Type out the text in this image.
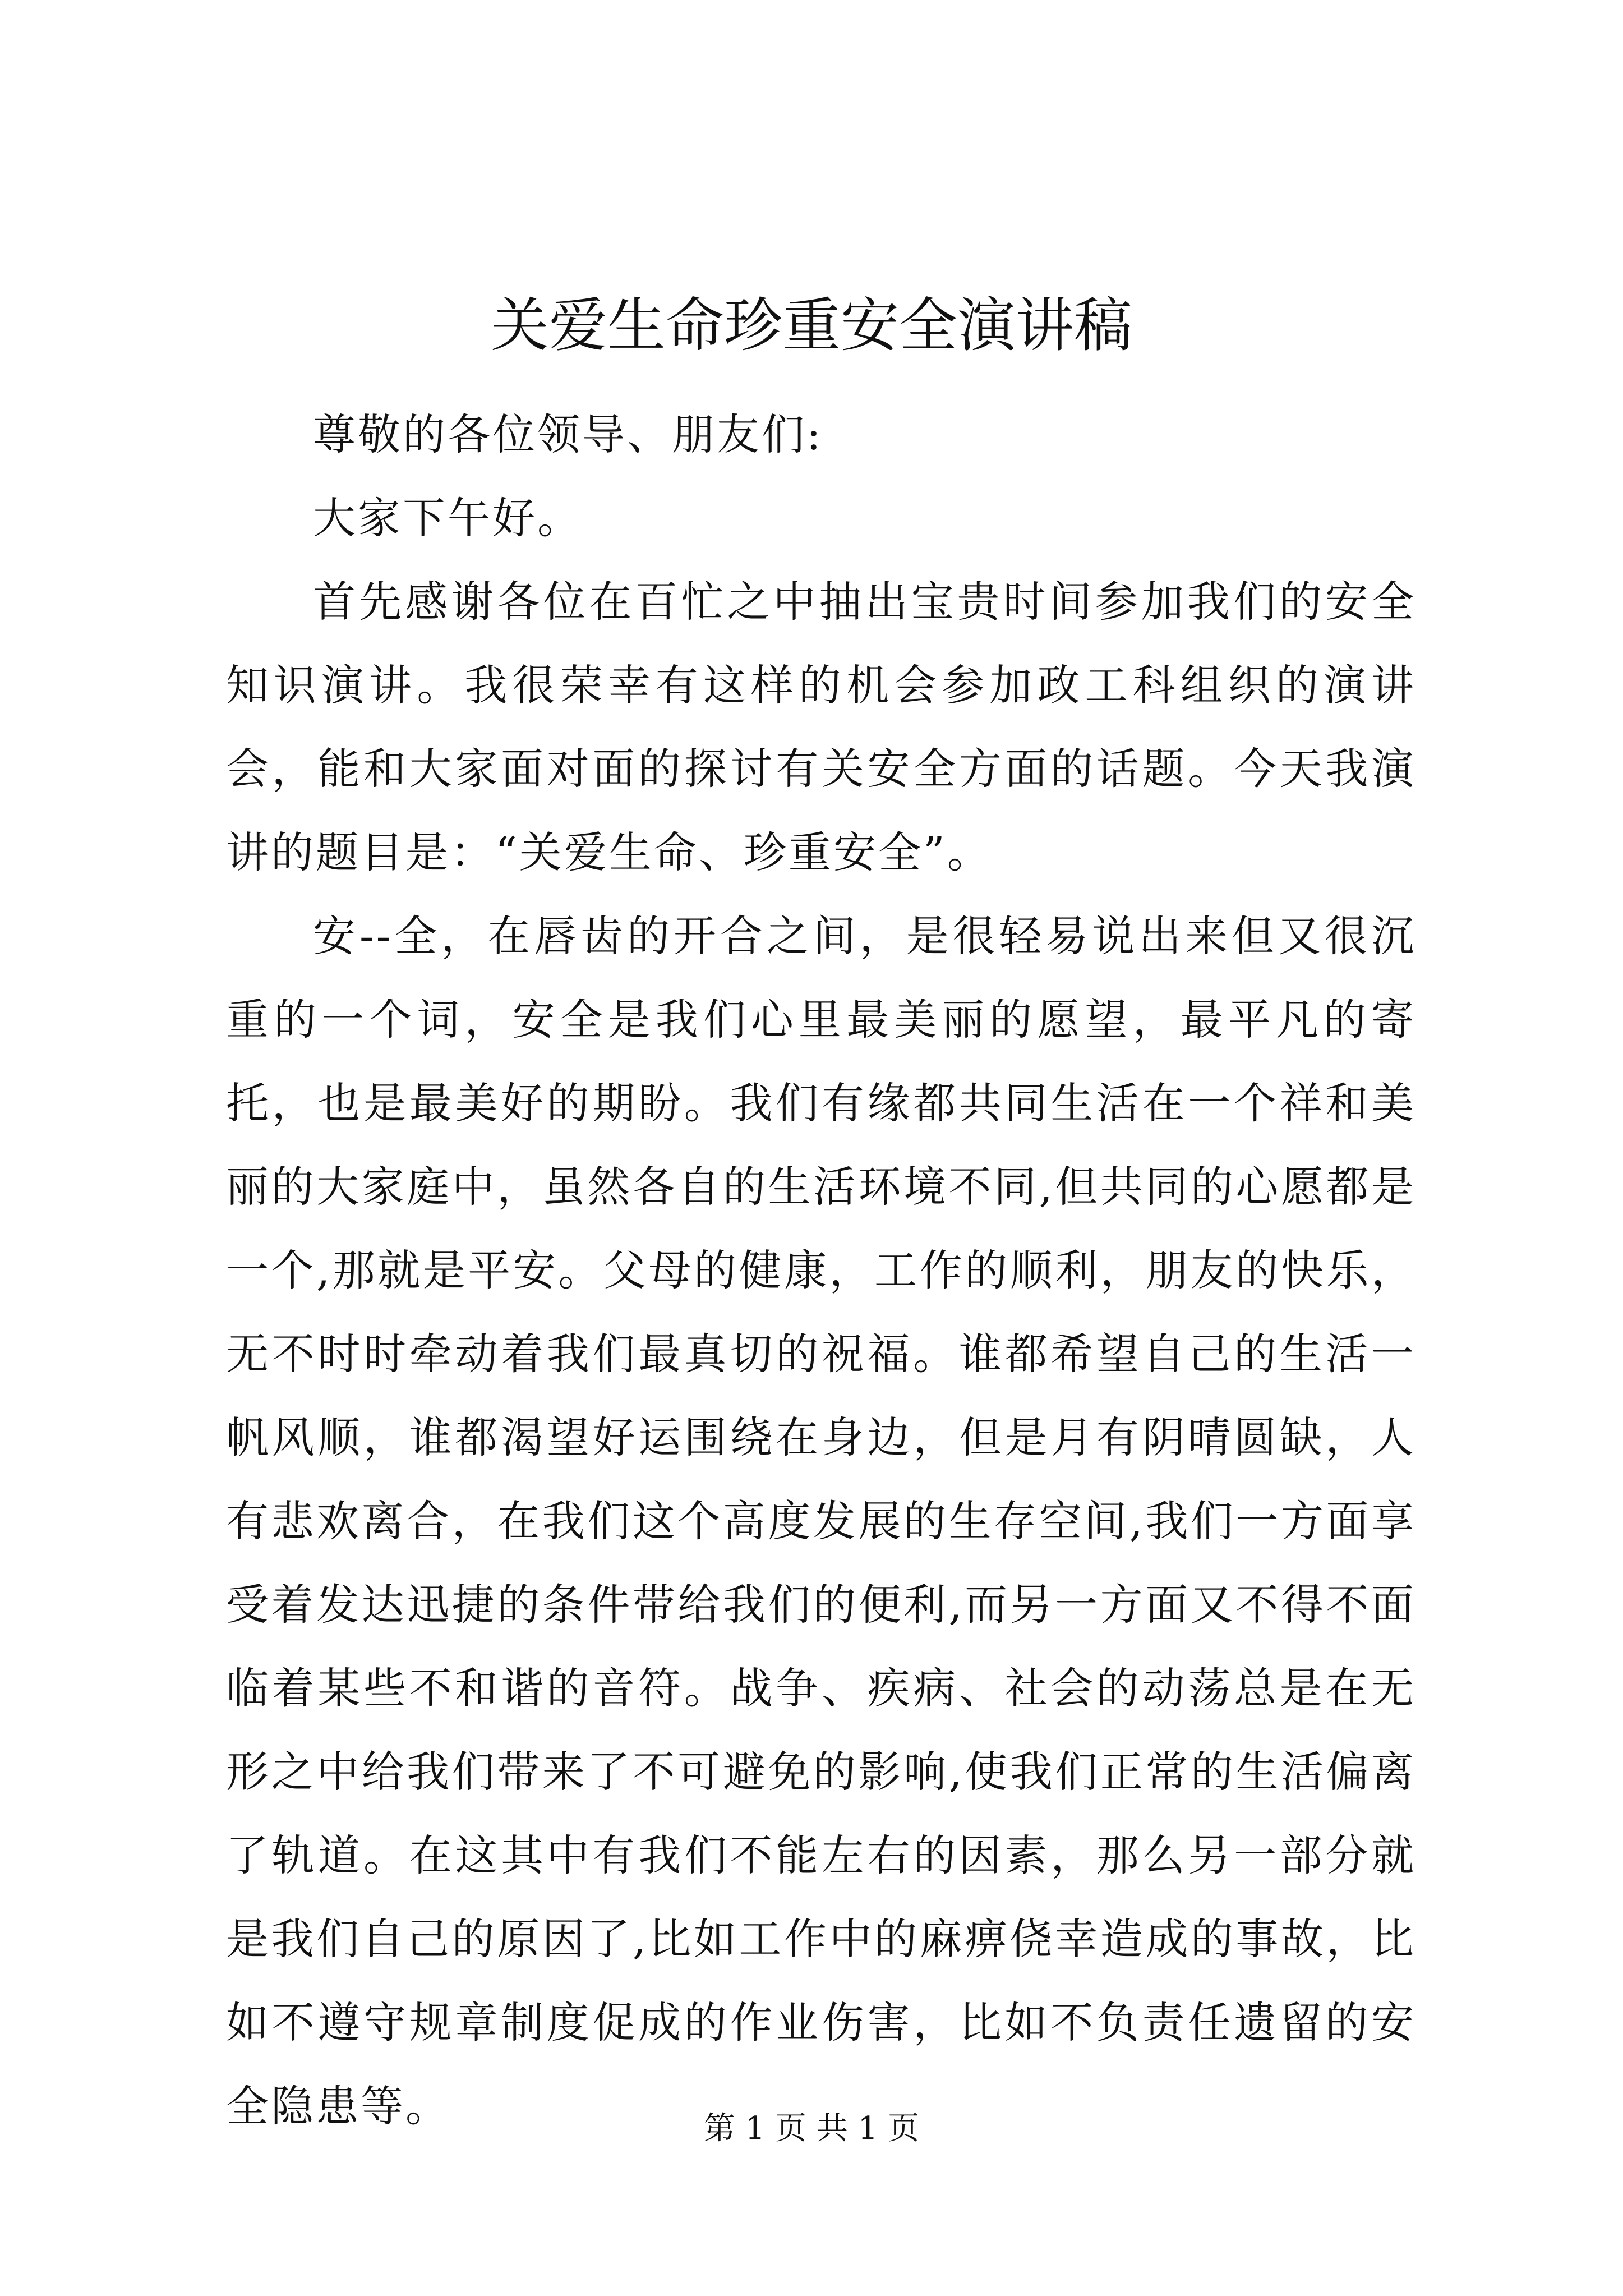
关爱生命珍重安全演讲稿

尊敬的各位领导、朋友们:

大家下午好。

首先感谢各位在百忙之中抽出宝贵时间参加我们的安全知识演讲。我很荣幸有这样的机会参加政工科组织的演讲会，能和大家面对面的探讨有关安全方面的话题。今天我演讲的题目是：“关爱生命、珍重安全”。

安--全，在唇齿的开合之间，是很轻易说出来但又很沉重的一个词，安全是我们心里最美丽的愿望，最平凡的寄托，也是最美好的期盼。我们有缘都共同生活在一个祥和美丽的大家庭中，虽然各自的生活环境不同,但共同的心愿都是一个,那就是平安。父母的健康，工作的顺利，朋友的快乐，无不时时牵动着我们最真切的祝福。谁都希望自己的生活一帆风顺，谁都渴望好运围绕在身边，但是月有阴晴圆缺，人有悲欢离合，在我们这个高度发展的生存空间,我们一方面享受着发达迅捷的条件带给我们的便利,而另一方面又不得不面临着某些不和谐的音符。战争、疾病、社会的动荡总是在无形之中给我们带来了不可避免的影响,使我们正常的生活偏离了轨道。在这其中有我们不能左右的因素，那么另一部分就是我们自己的原因了,比如工作中的麻痹侥幸造成的事故，比如不遵守规章制度促成的作业伤害，比如不负责任遗留的安全隐患等。	第 1 页 共 1 页
